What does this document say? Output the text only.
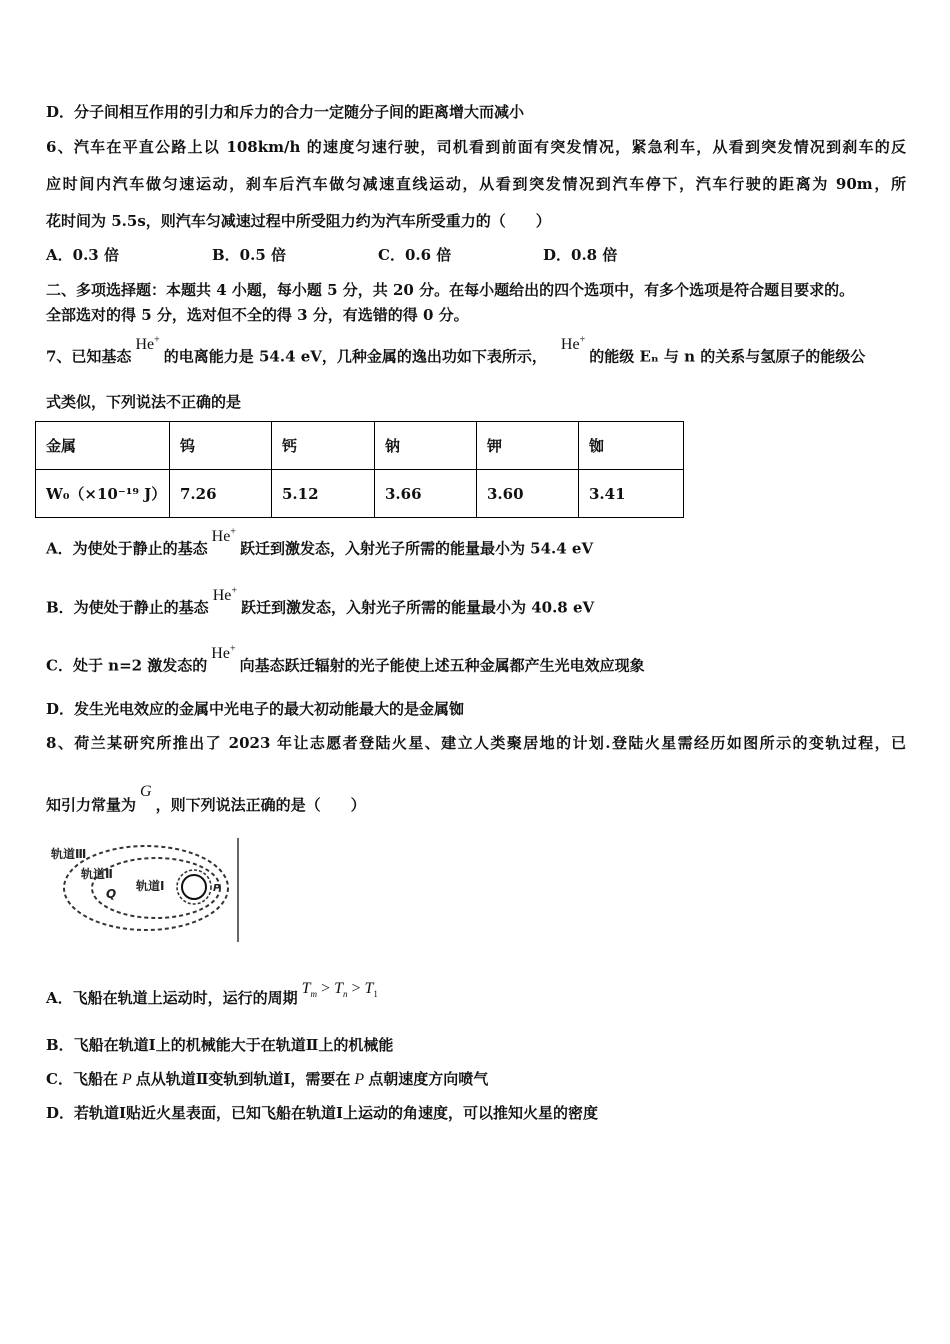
D．分子间相互作用的引力和斥力的合力一定随分子间的距离增大而减小
6、汽车在平直公路上以 108km/h 的速度匀速行驶，司机看到前面有突发情况，紧急利车，从看到突发情况到刹车的反
应时间内汽车做匀速运动，刹车后汽车做匀减速直线运动，从看到突发情况到汽车停下，汽车行驶的距离为 90m，所
花时间为 5.5s，则汽车匀减速过程中所受阻力约为汽车所受重力的（　　）
A．0.3 倍	B．0.5 倍	C．0.6 倍	D．0.8 倍
二、多项选择题：本题共 4 小题，每小题 5 分，共 20 分。在每小题给出的四个选项中，有多个选项是符合题目要求的。
全部选对的得 5 分，选对但不全的得 3 分，有选错的得 0 分。
7、已知基态He+的电离能力是 54.4 eV，几种金属的逸出功如下表所示，He+的能级 Eₙ 与 n 的关系与氢原子的能级公
式类似，下列说法不正确的是
金属	钨	钙	钠	钾	铷
W₀（×10⁻¹⁹ J）	7.26	5.12	3.66	3.60	3.41
A．为使处于静止的基态He+跃迁到激发态，入射光子所需的能量最小为 54.4 eV
B．为使处于静止的基态He+跃迁到激发态，入射光子所需的能量最小为 40.8 eV
C．处于 n=2 激发态的He+向基态跃迁辐射的光子能使上述五种金属都产生光电效应现象
D．发生光电效应的金属中光电子的最大初动能最大的是金属铷
8、荷兰某研究所推出了 2023 年让志愿者登陆火星、建立人类聚居地的计划.登陆火星需经历如图所示的变轨过程，已
知引力常量为G，则下列说法正确的是（　　）
轨道Ⅲ
轨道Ⅱ
轨道Ⅰ
Q	P
A．飞船在轨道上运动时，运行的周期$T_m > T_n > T_1$
B．飞船在轨道Ⅰ上的机械能大于在轨道Ⅱ上的机械能
C．飞船在 P 点从轨道Ⅱ变轨到轨道Ⅰ，需要在 P 点朝速度方向喷气
D．若轨道Ⅰ贴近火星表面，已知飞船在轨道Ⅰ上运动的角速度，可以推知火星的密度
